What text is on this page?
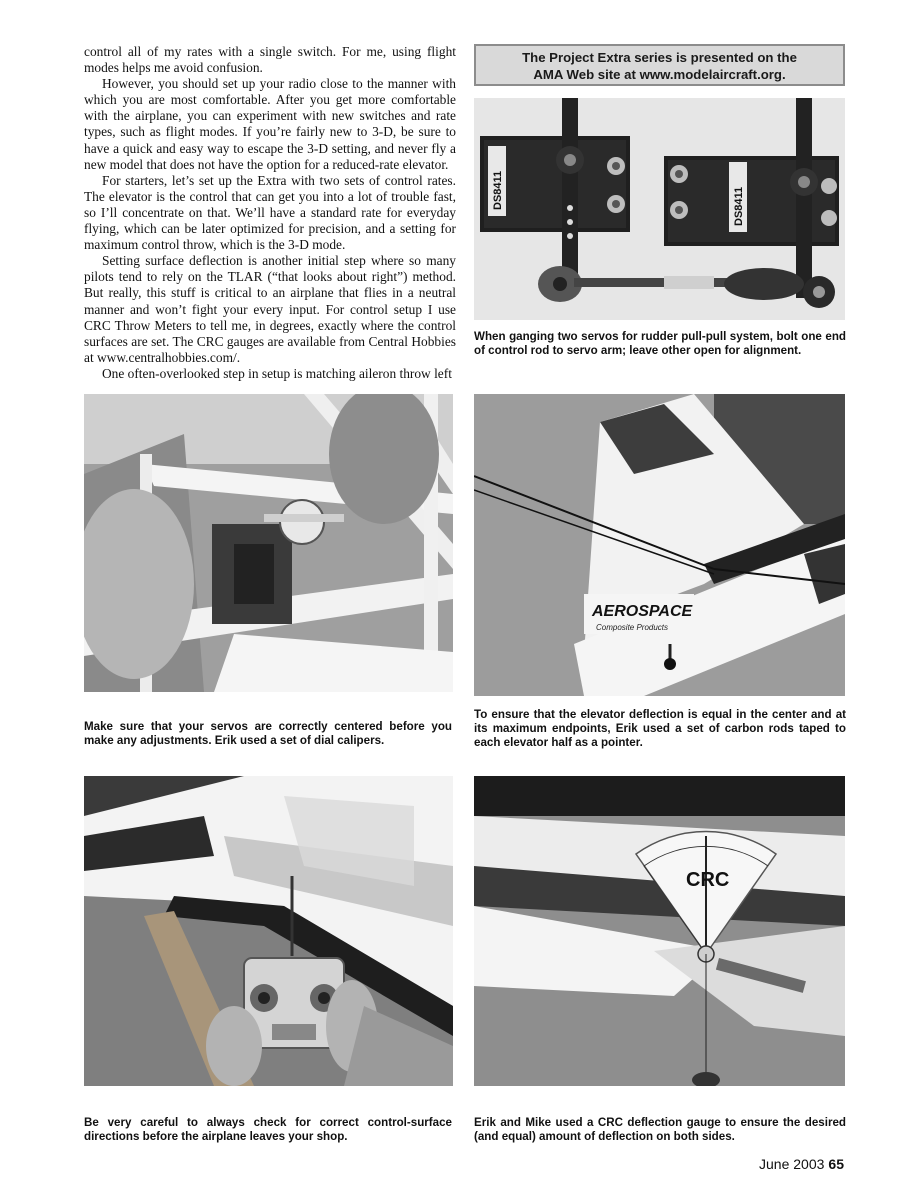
control all of my rates with a single switch. For me, using flight modes helps me avoid confusion.

However, you should set up your radio close to the manner with which you are most comfortable. After you get more comfortable with the airplane, you can experiment with new switches and rate types, such as flight modes. If you’re fairly new to 3-D, be sure to have a quick and easy way to escape the 3-D setting, and never fly a new model that does not have the option for a reduced-rate elevator.

For starters, let’s set up the Extra with two sets of control rates. The elevator is the control that can get you into a lot of trouble fast, so I’ll concentrate on that. We’ll have a standard rate for everyday flying, which can be later optimized for precision, and a setting for maximum control throw, which is the 3-D mode.

Setting surface deflection is another initial step where so many pilots tend to rely on the TLAR (“that looks about right”) method. But really, this stuff is critical to an airplane that flies in a neutral manner and won’t fight your every input. For control setup I use CRC Throw Meters to tell me, in degrees, exactly where the control surfaces are set. The CRC gauges are available from Central Hobbies at www.centralhobbies.com/.

One often-overlooked step in setup is matching aileron throw left

The Project Extra series is presented on the
AMA Web site at www.modelaircraft.org.
DS8411	DS8411
When ganging two servos for rudder pull-pull system, bolt one end of control rod to servo arm; leave other open for alignment.
Make sure that your servos are correctly centered before you make any adjustments. Erik used a set of dial calipers.
AEROSPACE
Composite Products
To ensure that the elevator deflection is equal in the center and at its maximum endpoints, Erik used a set of carbon rods taped to each elevator half as a pointer.
Be very careful to always check for correct control-surface directions before the airplane leaves your shop.
CRC
Erik and Mike used a CRC deflection gauge to ensure the desired (and equal) amount of deflection on both sides.
June 2003 65
